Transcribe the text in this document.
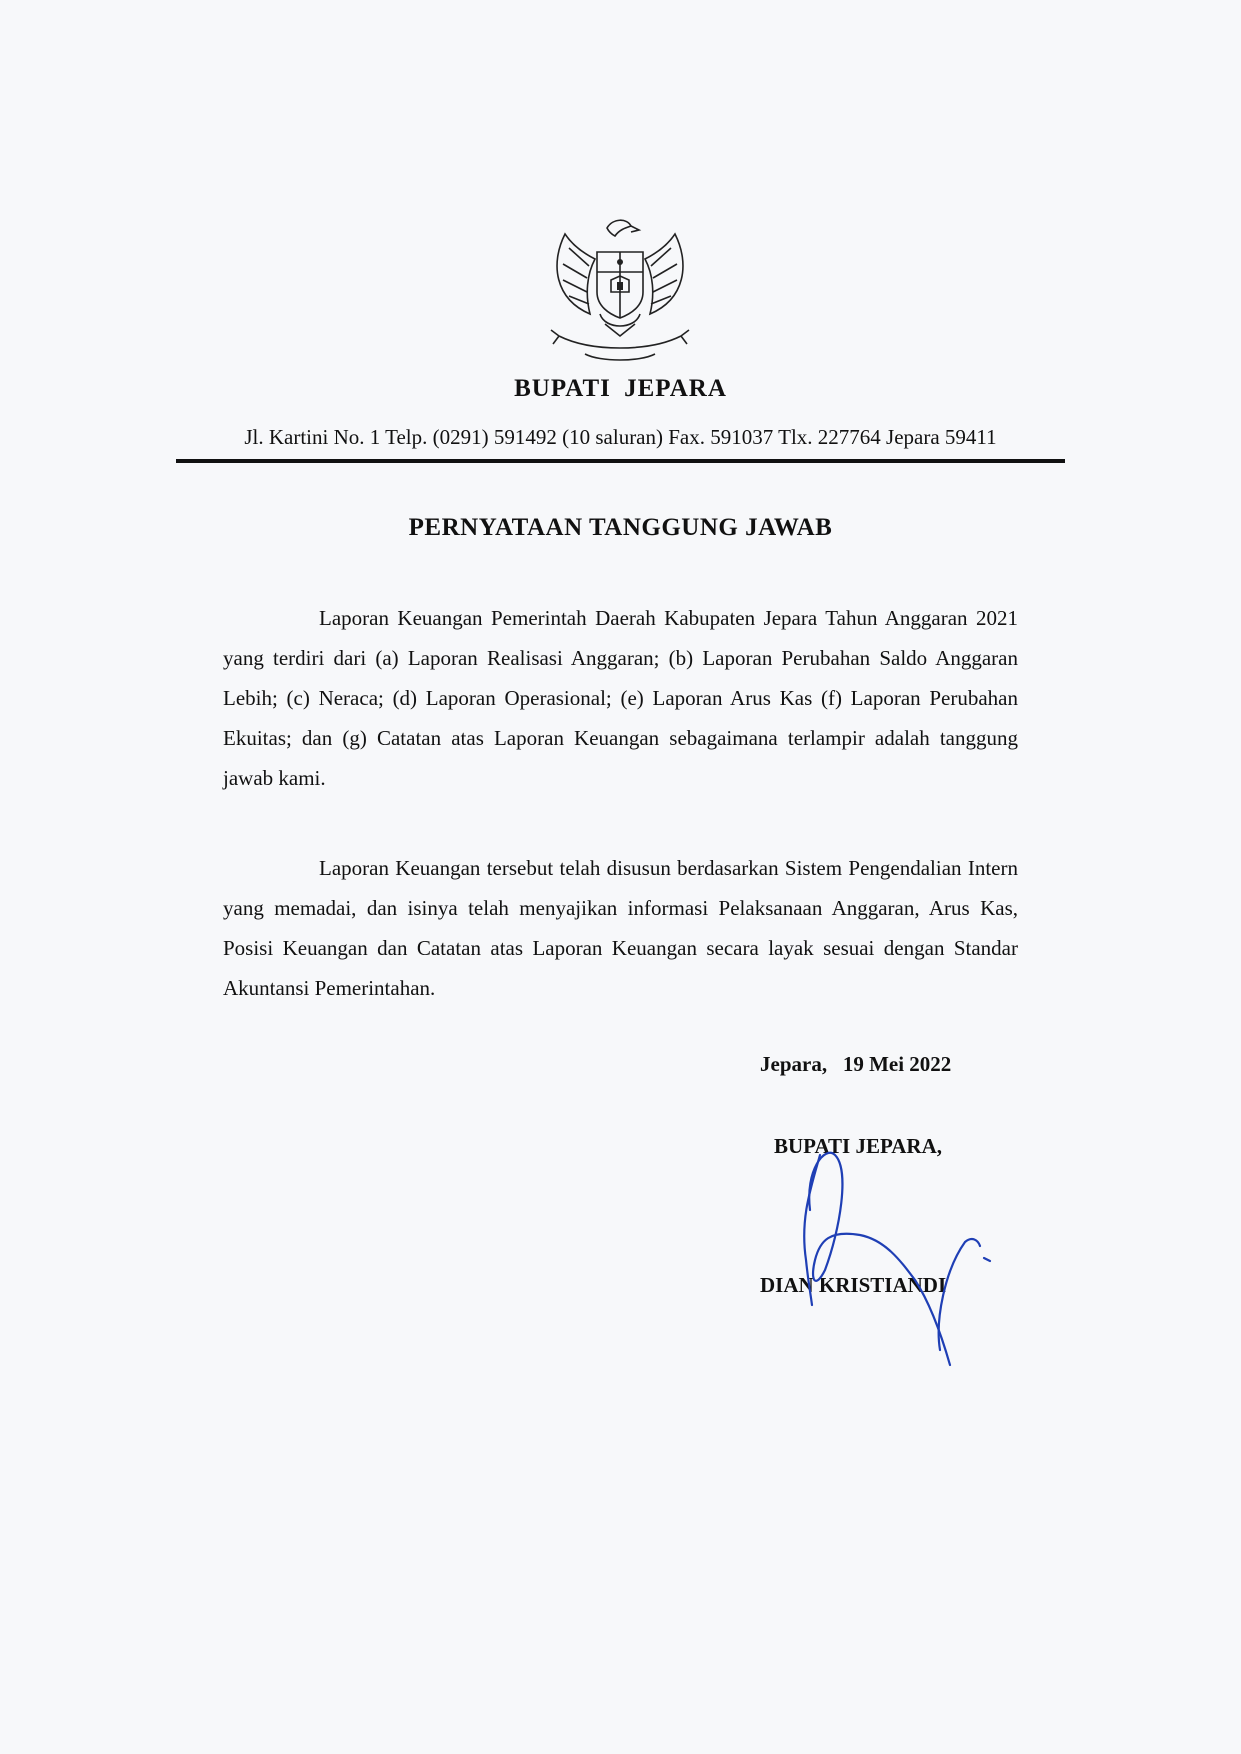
BUPATI JEPARA
Jl. Kartini No. 1 Telp. (0291) 591492 (10 saluran) Fax. 591037 Tlx. 227764 Jepara 59411
PERNYATAAN TANGGUNG JAWAB

Laporan Keuangan Pemerintah Daerah Kabupaten Jepara Tahun Anggaran 2021 yang terdiri dari (a) Laporan Realisasi Anggaran; (b) Laporan Perubahan Saldo Anggaran Lebih; (c) Neraca; (d) Laporan Operasional; (e) Laporan Arus Kas (f) Laporan Perubahan Ekuitas; dan (g) Catatan atas Laporan Keuangan sebagaimana terlampir adalah tanggung jawab kami.

Laporan Keuangan tersebut telah disusun berdasarkan Sistem Pengendalian Intern yang memadai, dan isinya telah menyajikan informasi Pelaksanaan Anggaran, Arus Kas, Posisi Keuangan dan Catatan atas Laporan Keuangan secara layak sesuai dengan Standar Akuntansi Pemerintahan.

Jepara,   19 Mei 2022
BUPATI JEPARA,
DIAN KRISTIANDI
